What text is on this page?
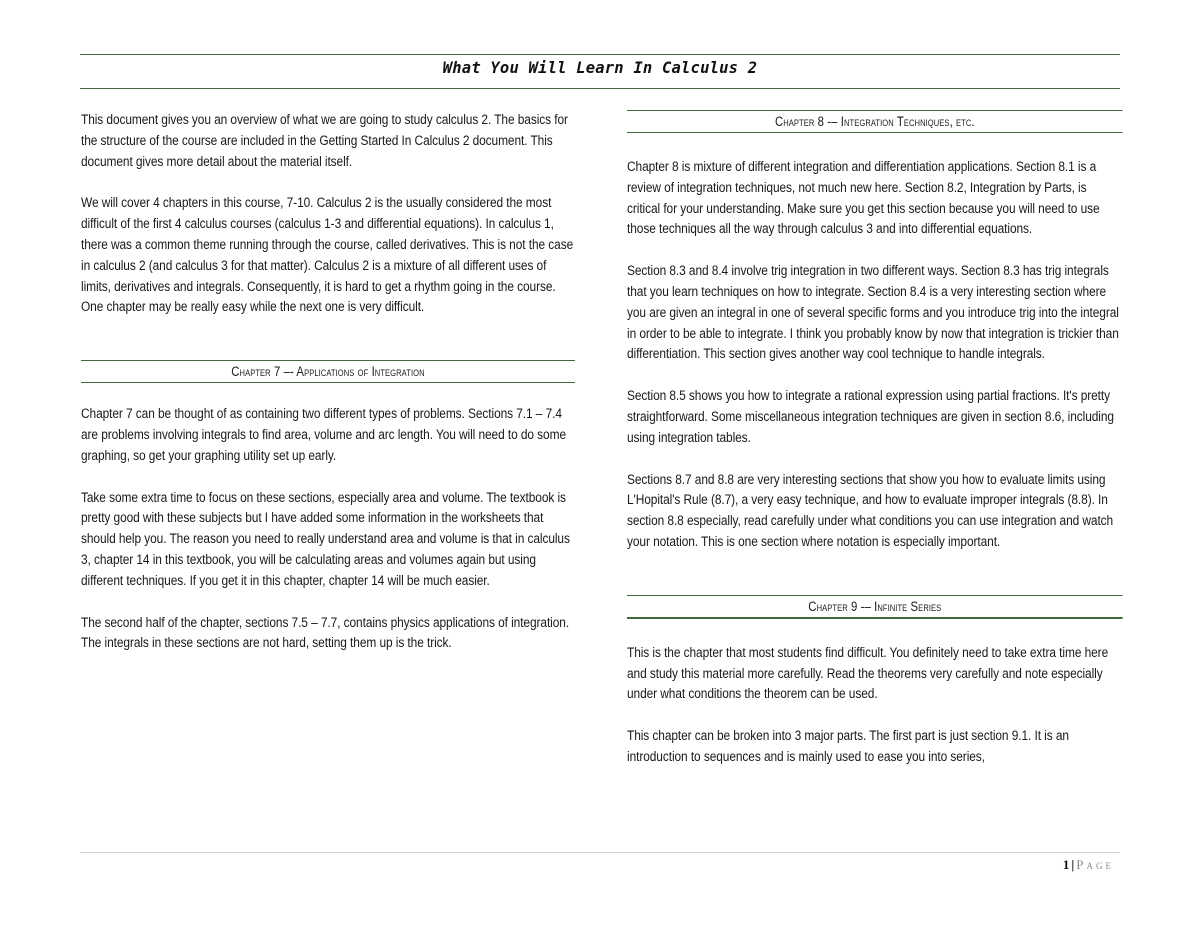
What You Will Learn In Calculus 2

This document gives you an overview of what we are going to study calculus 2. The basics for the structure of the course are included in the Getting Started In Calculus 2 document. This document gives more detail about the material itself.

We will cover 4 chapters in this course, 7-10. Calculus 2 is the usually considered the most difficult of the first 4 calculus courses (calculus 1-3 and differential equations). In calculus 1, there was a common theme running through the course, called derivatives. This is not the case in calculus 2 (and calculus 3 for that matter). Calculus 2 is a mixture of all different uses of limits, derivatives and integrals. Consequently, it is hard to get a rhythm going in the course. One chapter may be really easy while the next one is very difficult.

Chapter 7 –- Applications of Integration

Chapter 7 can be thought of as containing two different types of problems. Sections 7.1 – 7.4 are problems involving integrals to find area, volume and arc length. You will need to do some graphing, so get your graphing utility set up early.

Take some extra time to focus on these sections, especially area and volume. The textbook is pretty good with these subjects but I have added some information in the worksheets that should help you. The reason you need to really understand area and volume is that in calculus 3, chapter 14 in this textbook, you will be calculating areas and volumes again but using different techniques. If you get it in this chapter, chapter 14 will be much easier.

The second half of the chapter, sections 7.5 – 7.7, contains physics applications of integration. The integrals in these sections are not hard, setting them up is the trick.

Chapter 8 -– Integration Techniques, etc.

Chapter 8 is mixture of different integration and differentiation applications. Section 8.1 is a review of integration techniques, not much new here. Section 8.2, Integration by Parts, is critical for your understanding. Make sure you get this section because you will need to use those techniques all the way through calculus 3 and into differential equations.

Section 8.3 and 8.4 involve trig integration in two different ways. Section 8.3 has trig integrals that you learn techniques on how to integrate. Section 8.4 is a very interesting section where you are given an integral in one of several specific forms and you introduce trig into the integral in order to be able to integrate. I think you probably know by now that integration is trickier than differentiation. This section gives another way cool technique to handle integrals.

Section 8.5 shows you how to integrate a rational expression using partial fractions. It's pretty straightforward. Some miscellaneous integration techniques are given in section 8.6, including using integration tables.

Sections 8.7 and 8.8 are very interesting sections that show you how to evaluate limits using L'Hopital's Rule (8.7), a very easy technique, and how to evaluate improper integrals (8.8). In section 8.8 especially, read carefully under what conditions you can use integration and watch your notation. This is one section where notation is especially important.

Chapter 9 -– Infinite Series

This is the chapter that most students find difficult. You definitely need to take extra time here and study this material more carefully. Read the theorems very carefully and note especially under what conditions the theorem can be used.

This chapter can be broken into 3 major parts. The first part is just section 9.1. It is an introduction to sequences and is mainly used to ease you into series,

1 | Page
